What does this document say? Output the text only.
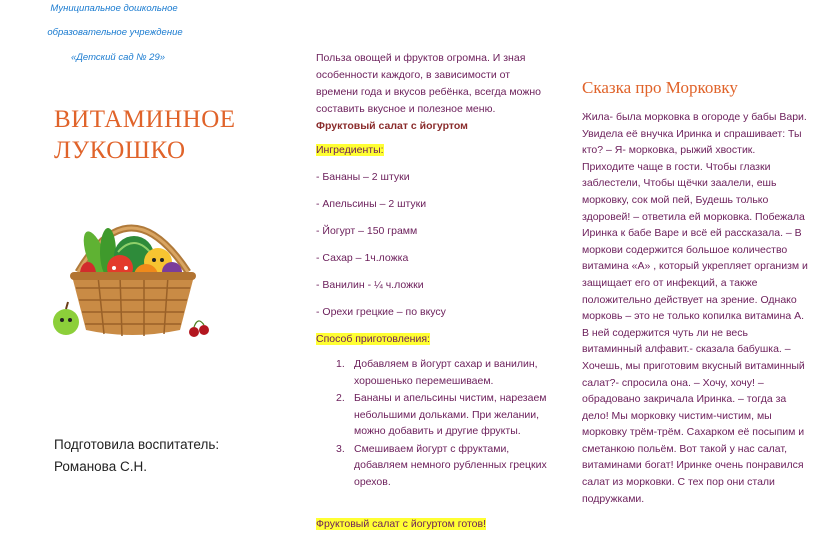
Муниципальное дошкольное
образовательное учреждение
«Детский сад № 29»
ВИТАМИННОЕ
ЛУКОШКО
Подготовила воспитатель:
Романова С.Н.
Польза овощей и фруктов огромна. И зная особенности каждого, в зависимости от времени года и вкусов ребёнка, всегда можно составить вкусное и полезное меню.
Фруктовый салат с йогуртом
Ингредиенты:
- Бананы – 2 штуки
- Апельсины – 2 штуки
- Йогурт – 150 грамм
- Сахар – 1ч.ложка
- Ванилин - ¼ ч.ложки
- Орехи грецкие – по вкусу
Способ приготовления:
1. Добавляем в йогурт сахар и ванилин, хорошенько перемешиваем.
2. Бананы и апельсины чистим, нарезаем небольшими дольками. При желании, можно добавить и другие фрукты.
3. Смешиваем йогурт с фруктами, добавляем немного рубленных грецких орехов.
Фруктовый салат с йогуртом готов!
Сказка про Морковку
Жила- была морковка в огороде у бабы Вари. Увидела её внучка Иринка и спрашивает: Ты кто? – Я- морковка, рыжий хвостик. Приходите чаще в гости. Чтобы глазки заблестели, Чтобы щёчки заалели, ешь морковку, сок мой пей, Будешь только здоровей! – ответила ей морковка. Побежала Иринка к бабе Варе и всё ей рассказала. – В моркови содержится большое количество витамина «А» , который укрепляет организм и защищает его от инфекций, а также положительно действует на зрение. Однако морковь – это не только копилка витамина А. В ней содержится чуть ли не весь витаминный алфавит.- сказала бабушка. – Хочешь, мы приготовим вкусный витаминный салат?- спросила она. – Хочу, хочу! – обрадовано закричала Иринка. – тогда за дело! Мы морковку чистим-чистим, мы морковку трём-трём. Сахарком её посыпим и сметанкою польём. Вот такой у нас салат, витаминами богат! Иринке очень понравился салат из морковки. С тех пор они стали подружками.
